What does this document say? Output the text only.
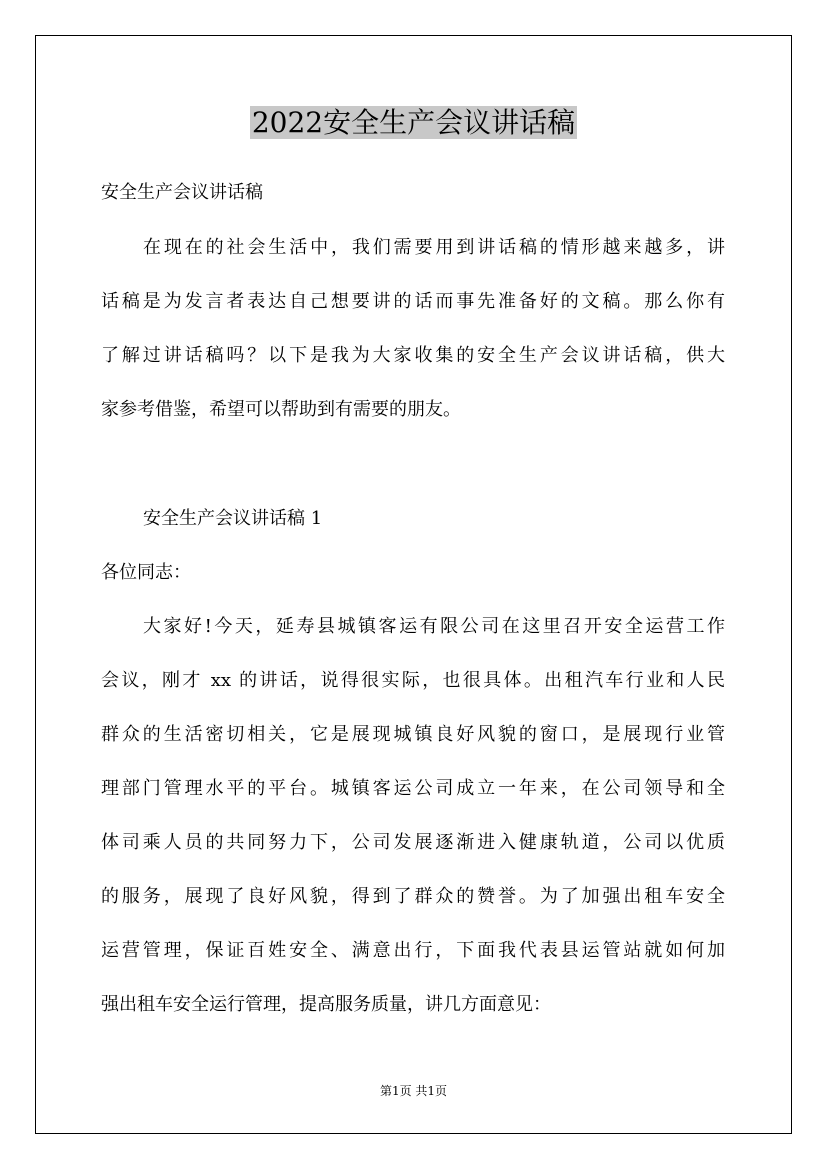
2022安全生产会议讲话稿
安全生产会议讲话稿
在现在的社会生活中，我们需要用到讲话稿的情形越来越多，讲
话稿是为发言者表达自己想要讲的话而事先准备好的文稿。那么你有
了解过讲话稿吗？以下是我为大家收集的安全生产会议讲话稿，供大
家参考借鉴，希望可以帮助到有需要的朋友。
安全生产会议讲话稿 1
各位同志：
大家好!今天，延寿县城镇客运有限公司在这里召开安全运营工作
会议，刚才 xx 的讲话，说得很实际，也很具体。出租汽车行业和人民
群众的生活密切相关，它是展现城镇良好风貌的窗口，是展现行业管
理部门管理水平的平台。城镇客运公司成立一年来，在公司领导和全
体司乘人员的共同努力下，公司发展逐渐进入健康轨道，公司以优质
的服务，展现了良好风貌，得到了群众的赞誉。为了加强出租车安全
运营管理，保证百姓安全、满意出行，下面我代表县运管站就如何加
强出租车安全运行管理，提高服务质量，讲几方面意见：
第1页 共1页
